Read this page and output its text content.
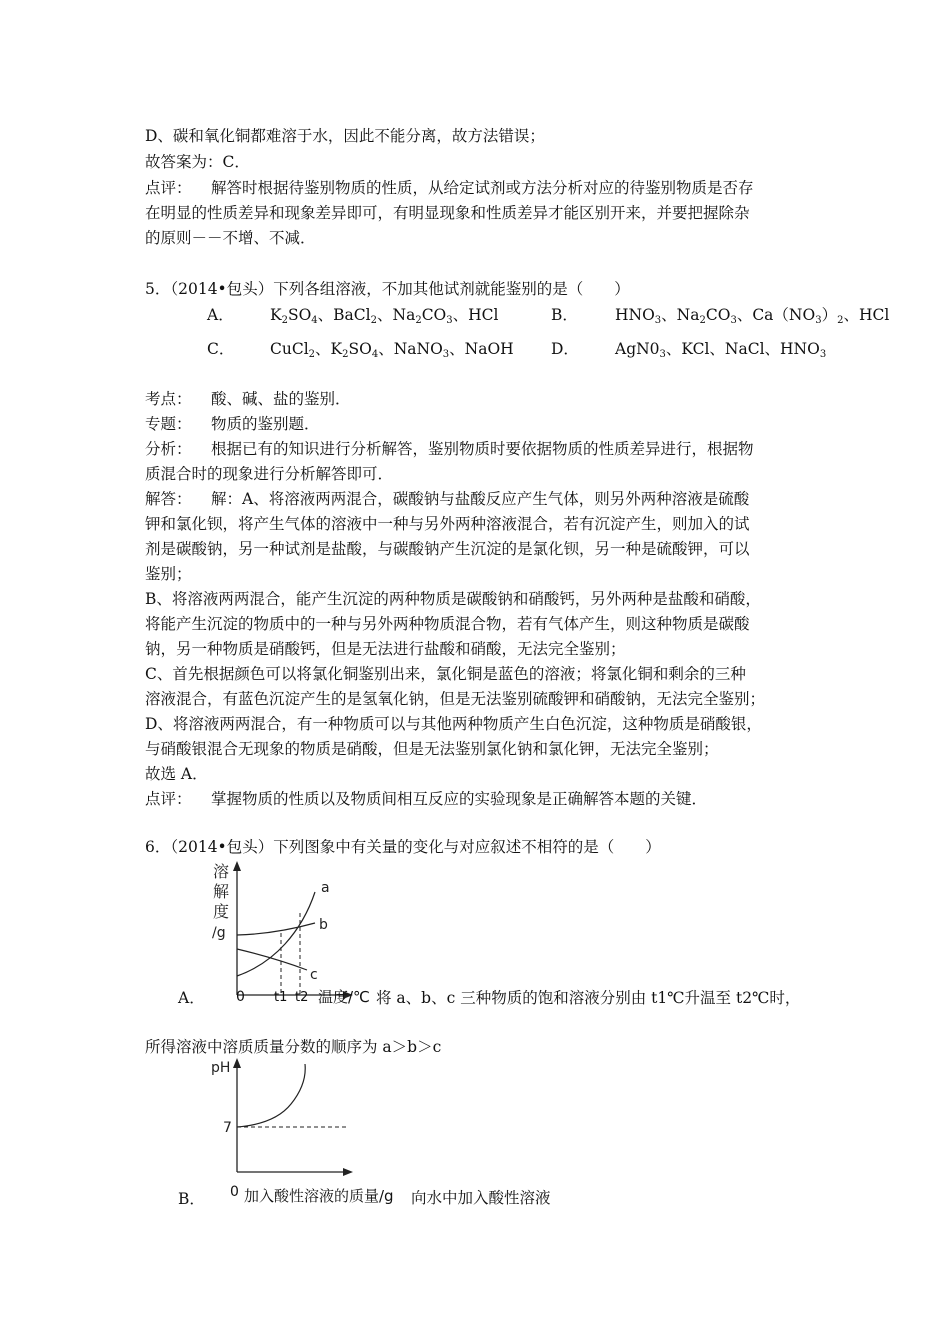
D、碳和氧化铜都难溶于水，因此不能分离，故方法错误；
故答案为：C．
点评： 解答时根据待鉴别物质的性质，从给定试剂或方法分析对应的待鉴别物质是否存
在明显的性质差异和现象差异即可，有明显现象和性质差异才能区别开来，并要把握除杂
的原则－－不增、不减．
5．（2014•包头）下列各组溶液，不加其他试剂就能鉴别的是（　　）
A． $K_2SO_4$、BaCl$_2$、$Na_2CO_3$、HCl	B． $HNO_3$、$Na_2CO_3$、$Ca(NO_3)_2$、HCl
C． CuCl$_2$、$K_2SO_4$、NaNO$_3$、NaOH D． $AgN0_3$、KCl、NaCl、$HNO_3$
考点： 酸、碱、盐的鉴别．
专题： 物质的鉴别题．
分析： 根据已有的知识进行分析解答，鉴别物质时要依据物质的性质差异进行，根据物
质混合时的现象进行分析解答即可．
解答： 解：A、将溶液两两混合，碳酸钠与盐酸反应产生气体，则另外两种溶液是硫酸
钾和氯化钡，将产生气体的溶液中一种与另外两种溶液混合，若有沉淀产生，则加入的试
剂是碳酸钠，另一种试剂是盐酸，与碳酸钠产生沉淀的是氯化钡，另一种是硫酸钾，可以
鉴别；
B、将溶液两两混合，能产生沉淀的两种物质是碳酸钠和硝酸钙，另外两种是盐酸和硝酸，
将能产生沉淀的物质中的一种与另外两种物质混合物，若有气体产生，则这种物质是碳酸
钠，另一种物质是硝酸钙，但是无法进行盐酸和硝酸，无法完全鉴别；
C、首先根据颜色可以将氯化铜鉴别出来，氯化铜是蓝色的溶液；将氯化铜和剩余的三种
溶液混合，有蓝色沉淀产生的是氢氧化钠，但是无法鉴别硫酸钾和硝酸钠，无法完全鉴别；
D、将溶液两两混合，有一种物质可以与其他两种物质产生白色沉淀，这种物质是硝酸银，
与硝酸银混合无现象的物质是硝酸，但是无法鉴别氯化钠和氯化钾，无法完全鉴别；
故选 A．
点评： 掌握物质的性质以及物质间相互反应的实验现象是正确解答本题的关键．
6．（2014•包头）下列图象中有关量的变化与对应叙述不相符的是（　　）
溶
解
度
/g
a
b
c
A． 0 t1 t2 温度/℃ 将 a、b、c 三种物质的饱和溶液分别由 t1℃升温至 t2℃时，
所得溶液中溶质质量分数的顺序为 a＞b＞c
pH
7
B． 0 加入酸性溶液的质量/g 向水中加入酸性溶液
